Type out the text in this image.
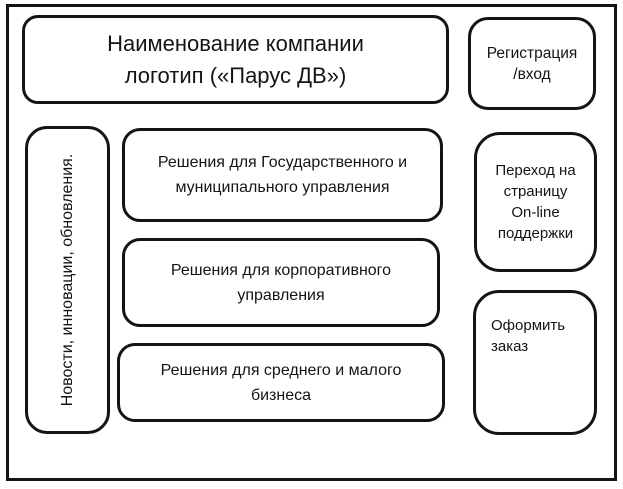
Наименование компании
логотип («Парус ДВ»)
Регистрация
/вход
Новости, инновации, обновления.	Решения для Государственного и
муниципального управления
Решения для корпоративного
управления
Решения для среднего и малого
бизнеса
Переход на
страницу
On-line
поддержки
Оформить
заказ
